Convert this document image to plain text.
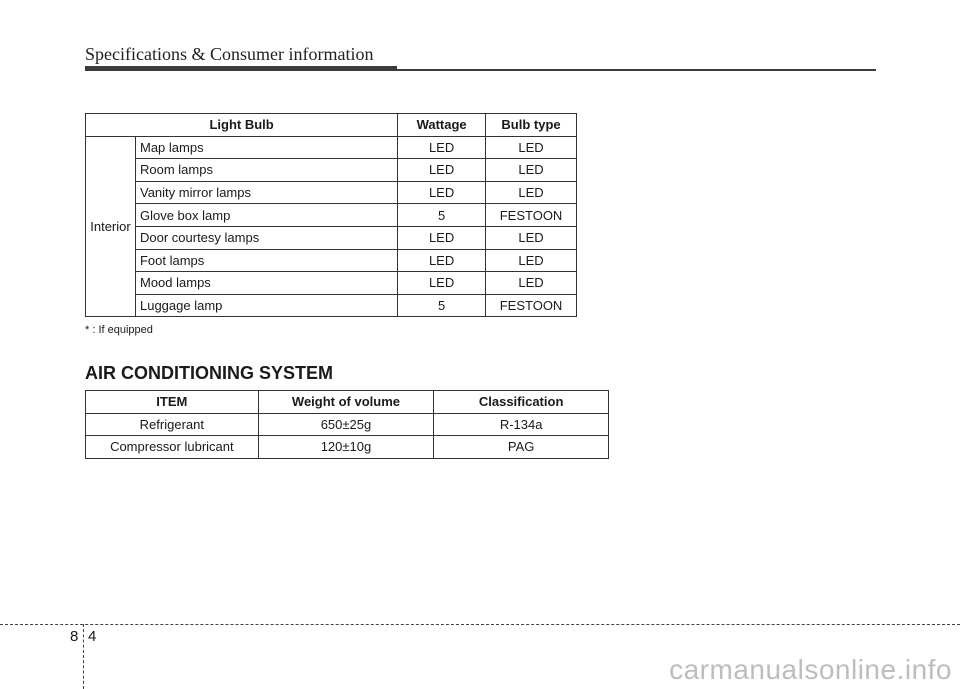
Specifications & Consumer information
Light Bulb		Wattage	Bulb type
Interior	Map lamps	LED	LED
	Room lamps	LED	LED
	Vanity mirror lamps	LED	LED
	Glove box lamp	5	FESTOON
	Door courtesy lamps	LED	LED
	Foot lamps	LED	LED
	Mood lamps	LED	LED
	Luggage lamp	5	FESTOON
* : If equipped
AIR CONDITIONING SYSTEM
ITEM	Weight of volume	Classification
Refrigerant	650±25g	R-134a
Compressor lubricant	120±10g	PAG
8 4
carmanualsonline.info
